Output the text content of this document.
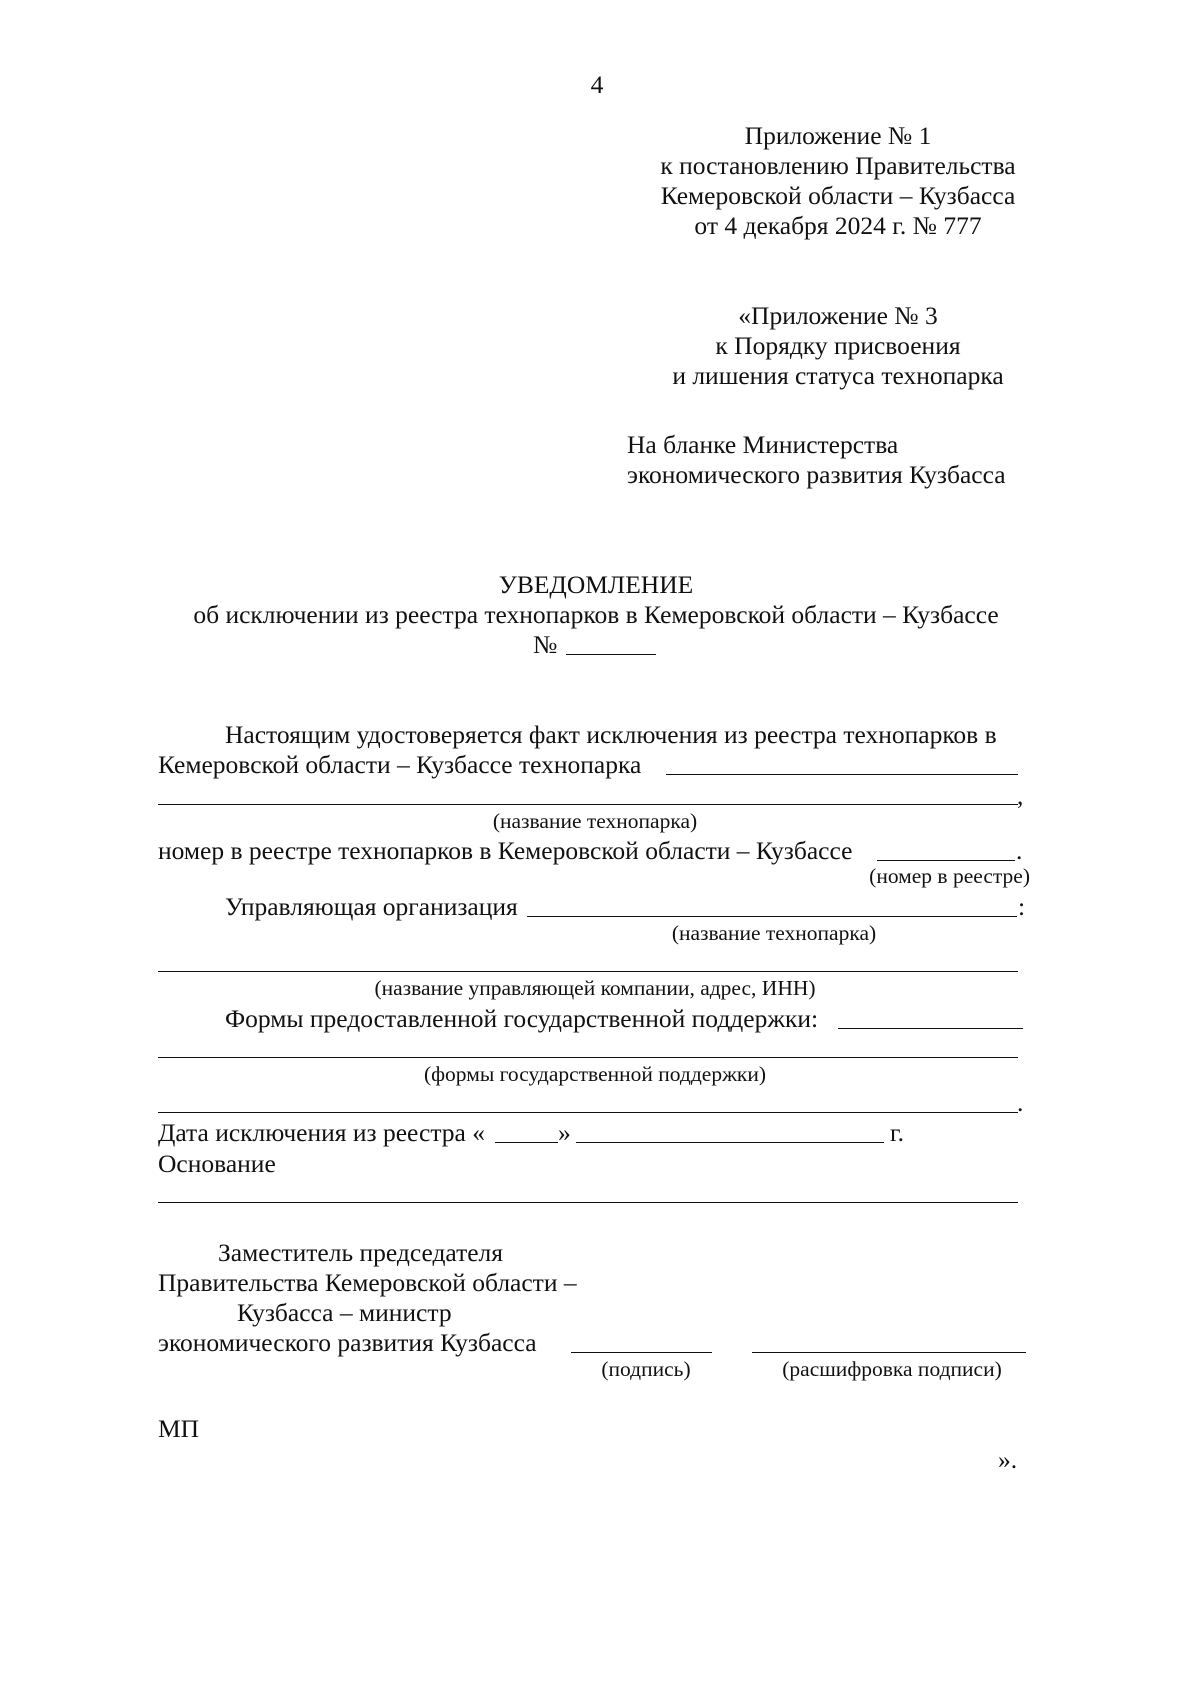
4
Приложение № 1
к постановлению Правительства
Кемеровской области – Кузбасса
от 4 декабря 2024 г. № 777
«Приложение № 3
к Порядку присвоения
и лишения статуса технопарка
На бланке Министерства
экономического развития Кузбасса
УВЕДОМЛЕНИЕ
об исключении из реестра технопарков в Кемеровской области – Кузбассе
№
Настоящим удостоверяется факт исключения из реестра технопарков в
Кемеровской области – Кузбассе технопарка
,
(название технопарка)
номер в реестре технопарков в Кемеровской области – Кузбассе	.
(номер в реестре)
Управляющая организация	:
(название технопарка)
(название управляющей компании, адрес, ИНН)
Формы предоставленной государственной поддержки:
(формы государственной поддержки)
.
Дата исключения из реестра «	»	г.
Основание
Заместитель председателя
Правительства Кемеровской области –
Кузбасса – министр
экономического развития Кузбасса
(подпись)	(расшифровка подписи)
МП
».
